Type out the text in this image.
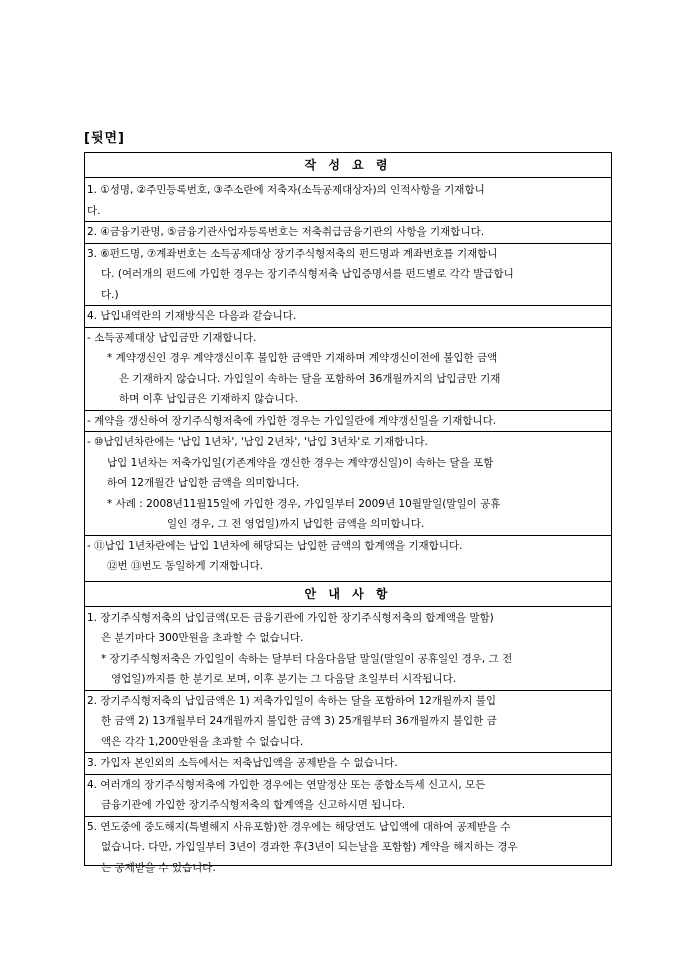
[뒷면]
작 성 요 령
1. ①성명, ②주민등록번호, ③주소란에 저축자(소득공제대상자)의 인적사항을 기재합니
다.
2. ④금융기관명, ⑤금융기관사업자등록번호는 저축취급금융기관의 사항을 기재합니다.
3. ⑥펀드명, ⑦계좌번호는 소득공제대상 장기주식형저축의 펀드명과 계좌번호를 기재합니
다. (여러개의 펀드에 가입한 경우는 장기주식형저축 납입증명서를 펀드별로 각각 발급합니
다.)
4. 납입내역란의 기재방식은 다음과 같습니다.
- 소득공제대상 납입금만 기재합니다.
* 계약갱신인 경우 계약갱신이후 불입한 금액만 기재하며 계약갱신이전에 불입한 금액
은 기재하지 않습니다. 가입일이 속하는 달을 포함하여 36개월까지의 납입금만 기재
하며 이후 납입금은 기재하지 않습니다.
- 계약을 갱신하여 장기주식형저축에 가입한 경우는 가입일란에 계약갱신일을 기재합니다.
- ⑩납입년차란에는 '납입 1년차', '납입 2년차', '납입 3년차'로 기재합니다.
납입 1년차는 저축가입일(기존계약을 갱신한 경우는 계약갱신일)이 속하는 달을 포함
하여 12개월간 납입한 금액을 의미합니다.
* 사례 : 2008년11월15일에 가입한 경우, 가입일부터 2009년 10월말일(말일이 공휴
일인 경우, 그 전 영업일)까지 납입한 금액을 의미합니다.
- ⑪납입 1년차란에는 납입 1년차에 해당되는 납입한 금액의 합계액을 기재합니다.
⑫번 ⑬번도 동일하게 기재합니다.
안 내 사 항
1. 장기주식형저축의 납입금액(모든 금융기관에 가입한 장기주식형저축의 합계액을 말함)
은 분기마다 300만원을 초과할 수 없습니다.
* 장기주식형저축은 가입일이 속하는 달부터 다음다음달 말일(말일이 공휴일인 경우, 그 전
영업일)까지를 한 분기로 보며, 이후 분기는 그 다음달 초일부터 시작됩니다.
2. 장기주식형저축의 납입금액은 1) 저축가입일이 속하는 달을 포함하여 12개월까지 불입
한 금액 2) 13개월부터 24개월까지 불입한 금액 3) 25개월부터 36개월까지 불입한 금
액은 각각 1,200만원을 초과할 수 없습니다.
3. 가입자 본인외의 소득에서는 저축납입액을 공제받을 수 없습니다.
4. 여러개의 장기주식형저축에 가입한 경우에는 연말정산 또는 종합소득세 신고시, 모든
금융기관에 가입한 장기주식형저축의 합계액을 신고하시면 됩니다.
5. 연도중에 중도해지(특별해지 사유포함)한 경우에는 해당연도 납입액에 대하여 공제받을 수
없습니다. 다만, 가입일부터 3년이 경과한 후(3년이 되는날을 포함함) 계약을 해지하는 경우
는 공제받을 수 있습니다.
